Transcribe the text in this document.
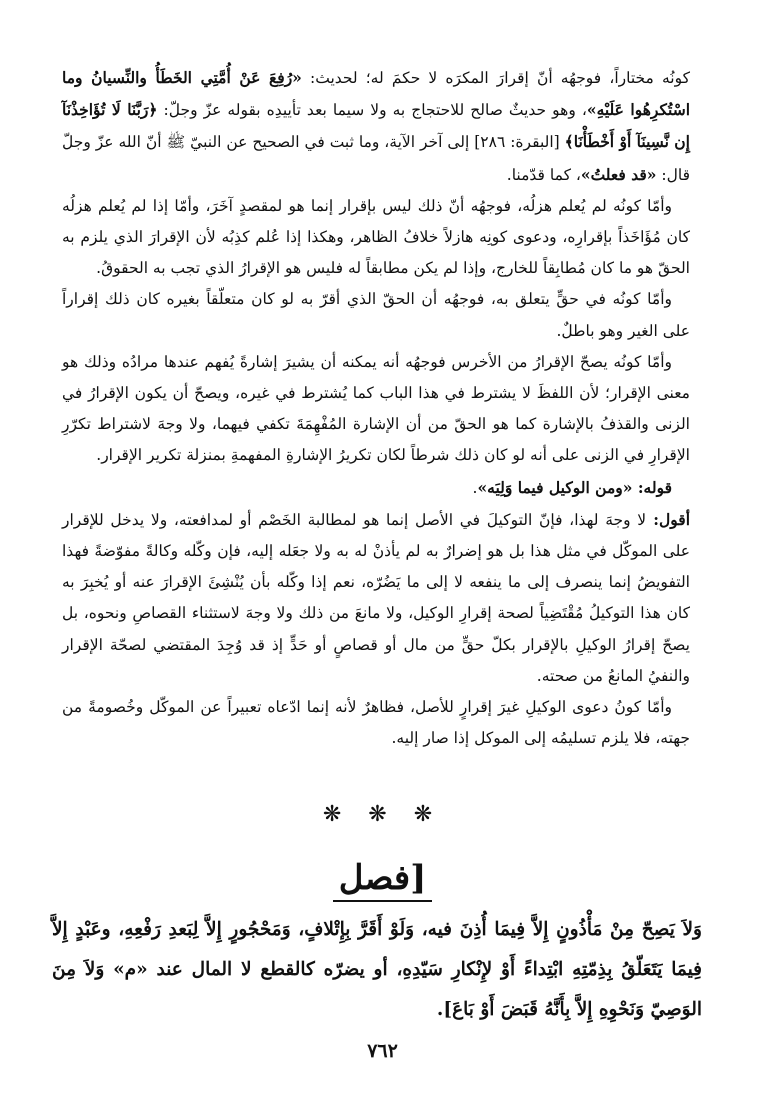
كونُه مختاراً، فوجهُه أنّ إقرارَ المكرَه لا حكمَ له؛ لحديث: «رُفِعَ عَنْ أُمَّتِي الخَطَأُ والنِّسيانُ وما اسْتُكرِهُوا عَلَيْهِ»، وهو حديثٌ صالح للاحتجاج به ولا سيما بعد تأييدِه بقوله عزّ وجلّ: ﴿رَبَّنَا لَا تُؤَاخِذْنَآ إِن نَّسِينَآ أَوْ أَخْطَأْنَا﴾ [البقرة: ٢٨٦] إلى آخر الآية، وما ثبت في الصحيح عن النبيّ ﷺ أنّ الله عزّ وجلّ قال: «قد فعلتُ»، كما قدّمنا.

وأمّا كونُه لم يُعلم هزلُه، فوجهُه أنّ ذلك ليس بإقرار إنما هو لمقصدٍ آخَرَ، وأمّا إذا لم يُعلم هزلُه كان مُؤَاخَذاً بإقرارِه، ودعوى كونِه هازلاً خلافُ الظاهر، وهكذا إذا عُلم كذِبُه لأن الإقرارَ الذي يلزم به الحقّ هو ما كان مُطابِقاً للخارج، وإذا لم يكن مطابقاً له فليس هو الإقرارُ الذي تجب به الحقوقُ.

وأمّا كونُه في حقٍّ يتعلق به، فوجهُه أن الحقّ الذي أقرّ به لو كان متعلّقاً بغيره كان ذلك إقراراً على الغير وهو باطلٌ.

وأمّا كونُه يصحّ الإقرارُ من الأخرس فوجهُه أنه يمكنه أن يشيرَ إشارةً يُفهم عندها مرادُه وذلك هو معنى الإقرار؛ لأن اللفظَ لا يشترط في هذا الباب كما يُشترط في غيره، ويصحّ أن يكون الإقرارُ في الزنى والقذفُ بالإشارة كما هو الحقّ من أن الإشارة المُفْهِمَةَ تكفي فيهما، ولا وجهَ لاشتراط تكرّرِ الإقرارِ في الزنى على أنه لو كان ذلك شرطاً لكان تكريرُ الإشارةِ المفهمةِ بمنزلة تكرير الإقرار.

قوله: «ومن الوكيل فيما وَلِيَه».

أقول: لا وجهَ لهذا، فإنّ التوكيلَ في الأصل إنما هو لمطالبة الخَصْم أو لمدافعته، ولا يدخل للإقرار على الموكّل في مثل هذا بل هو إضرارٌ به لم يأذنْ له به ولا جعَله إليه، فإن وكّله وكالةً مفوّضةً فهذا التفويضُ إنما ينصرف إلى ما ينفعه لا إلى ما يَضُرّه، نعم إذا وكّله بأن يُنْشِئَ الإقرارَ عنه أو يُخبِرَ به كان هذا التوكيلُ مُقْتَضِياً لصحة إقرارِ الوكيل، ولا مانعَ من ذلك ولا وجهَ لاستثناء القصاصِ ونحوه، بل يصحّ إقرارُ الوكيلِ بالإقرار بكلّ حقٍّ من مال أو قصاصٍ أو حَدٍّ إذ قد وُجِدَ المقتضي لصحّة الإقرار والنفيُ المانعُ من صحته.

وأمّا كونُ دعوى الوكيلِ غيرَ إقرارٍ للأصل، فظاهرٌ لأنه إنما ادّعاه تعبيراً عن الموكّل وخُصومةً من جهته، فلا يلزم تسليمُه إلى الموكل إذا صار إليه.

❋ ❋ ❋
[فصل

وَلاَ يَصِحّ مِنْ مَأْذُونٍ إِلاَّ فِيمَا أُذِنَ فيه، وَلَوْ أَقَرَّ بِإِتْلافٍ، وَمَحْجُورٍ إِلاَّ لِبَعدِ رَفْعِهِ، وعَبْدٍ إِلاَّ فِيمَا يَتَعَلّقُ بِذِمّتِهِ ابْتِداءً أَوْ لإِنْكارِ سَيّدِهِ، أو يضرّه كالقطع لا المال عند «م» وَلاَ مِنَ الوَصِيّ وَنَحْوِهِ إِلاَّ بِأَنَّهُ قَبَضَ أَوْ بَاعَ].

٧٦٢
